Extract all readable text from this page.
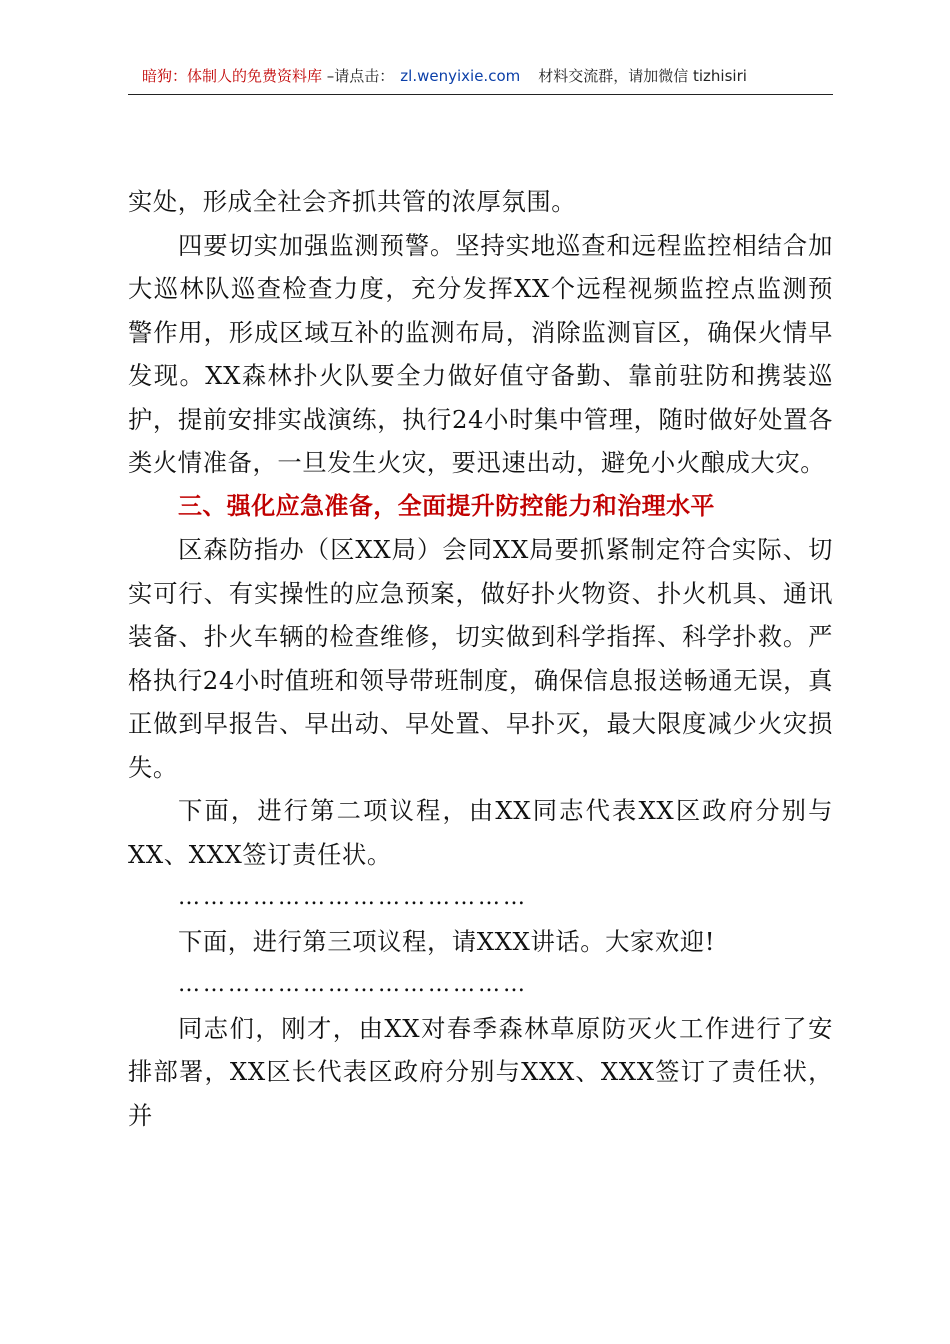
暗狗：体制人的免费资料库 –请点击： zl.wenyixie.com 材料交流群，请加微信 tizhisiri

实处，形成全社会齐抓共管的浓厚氛围。

四要切实加强监测预警。坚持实地巡查和远程监控相结合加大巡林队巡查检查力度，充分发挥XX个远程视频监控点监测预警作用，形成区域互补的监测布局，消除监测盲区，确保火情早发现。XX森林扑火队要全力做好值守备勤、靠前驻防和携装巡护，提前安排实战演练，执行24小时集中管理，随时做好处置各类火情准备，一旦发生火灾，要迅速出动，避免小火酿成大灾。

三、强化应急准备，全面提升防控能力和治理水平

区森防指办（区XX局）会同XX局要抓紧制定符合实际、切实可行、有实操性的应急预案，做好扑火物资、扑火机具、通讯装备、扑火车辆的检查维修，切实做到科学指挥、科学扑救。严格执行24小时值班和领导带班制度，确保信息报送畅通无误，真正做到早报告、早出动、早处置、早扑灭，最大限度减少火灾损失。

下面，进行第二项议程，由XX同志代表XX区政府分别与XX、XXX签订责任状。

……………………………………

下面，进行第三项议程，请XXX讲话。大家欢迎!

……………………………………

同志们，刚才，由XX对春季森林草原防灭火工作进行了安排部署，XX区长代表区政府分别与XXX、XXX签订了责任状，并
